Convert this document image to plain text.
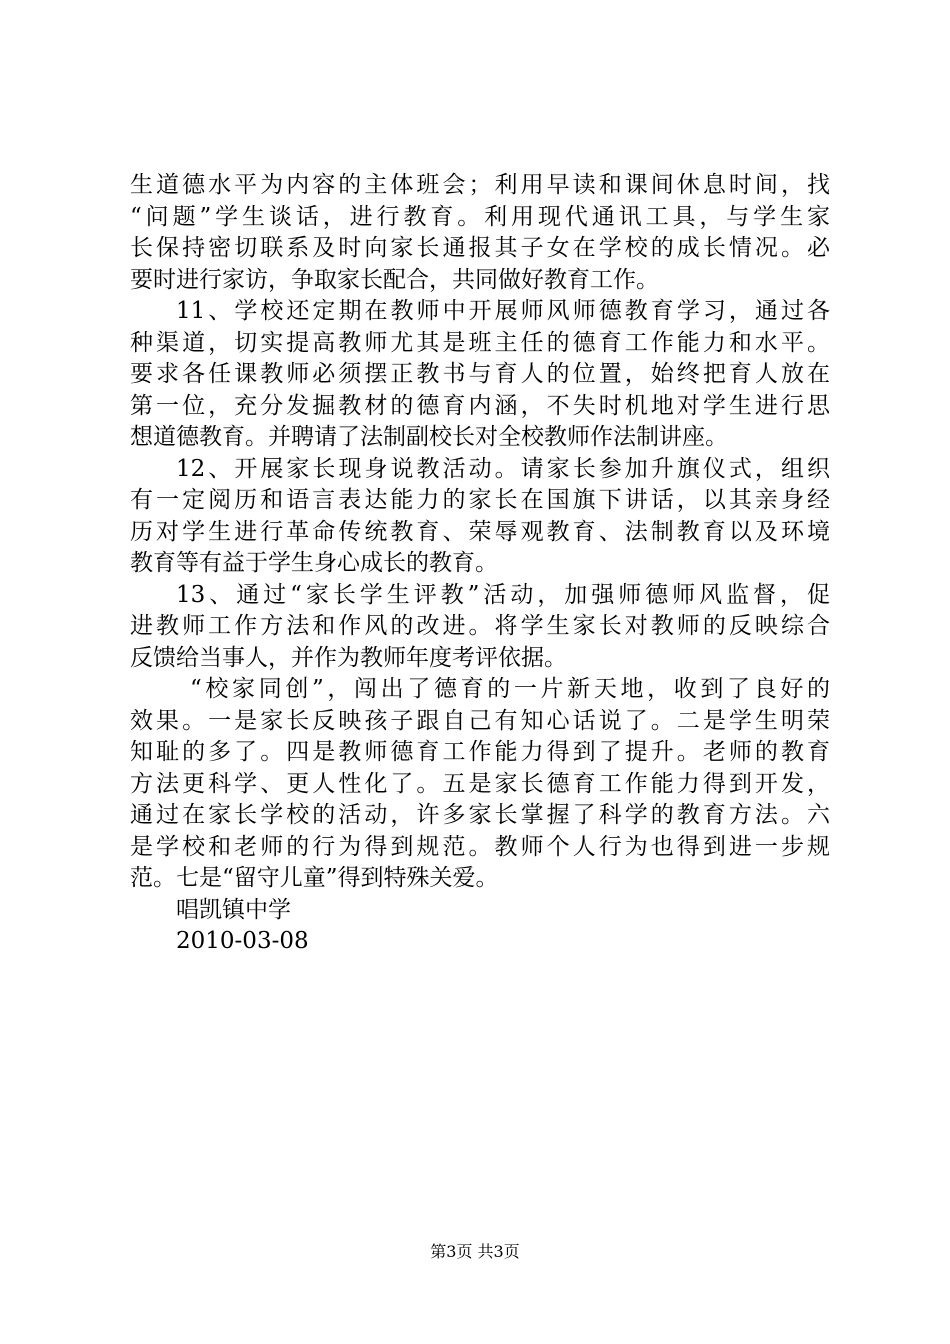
生道德水平为内容的主体班会；利用早读和课间休息时间，找
“问题”学生谈话，进行教育。利用现代通讯工具，与学生家
长保持密切联系及时向家长通报其子女在学校的成长情况。必
要时进行家访，争取家长配合，共同做好教育工作。
11、学校还定期在教师中开展师风师德教育学习，通过各
种渠道，切实提高教师尤其是班主任的德育工作能力和水平。
要求各任课教师必须摆正教书与育人的位置，始终把育人放在
第一位，充分发掘教材的德育内涵，不失时机地对学生进行思
想道德教育。并聘请了法制副校长对全校教师作法制讲座。
12、开展家长现身说教活动。请家长参加升旗仪式，组织
有一定阅历和语言表达能力的家长在国旗下讲话，以其亲身经
历对学生进行革命传统教育、荣辱观教育、法制教育以及环境
教育等有益于学生身心成长的教育。
13、通过“家长学生评教”活动，加强师德师风监督，促
进教师工作方法和作风的改进。将学生家长对教师的反映综合
反馈给当事人，并作为教师年度考评依据。
“校家同创”，闯出了德育的一片新天地，收到了良好的
效果。一是家长反映孩子跟自己有知心话说了。二是学生明荣
知耻的多了。四是教师德育工作能力得到了提升。老师的教育
方法更科学、更人性化了。五是家长德育工作能力得到开发，
通过在家长学校的活动，许多家长掌握了科学的教育方法。六
是学校和老师的行为得到规范。教师个人行为也得到进一步规
范。七是“留守儿童”得到特殊关爱。
唱凯镇中学
2010-03-08
第3页 共3页
